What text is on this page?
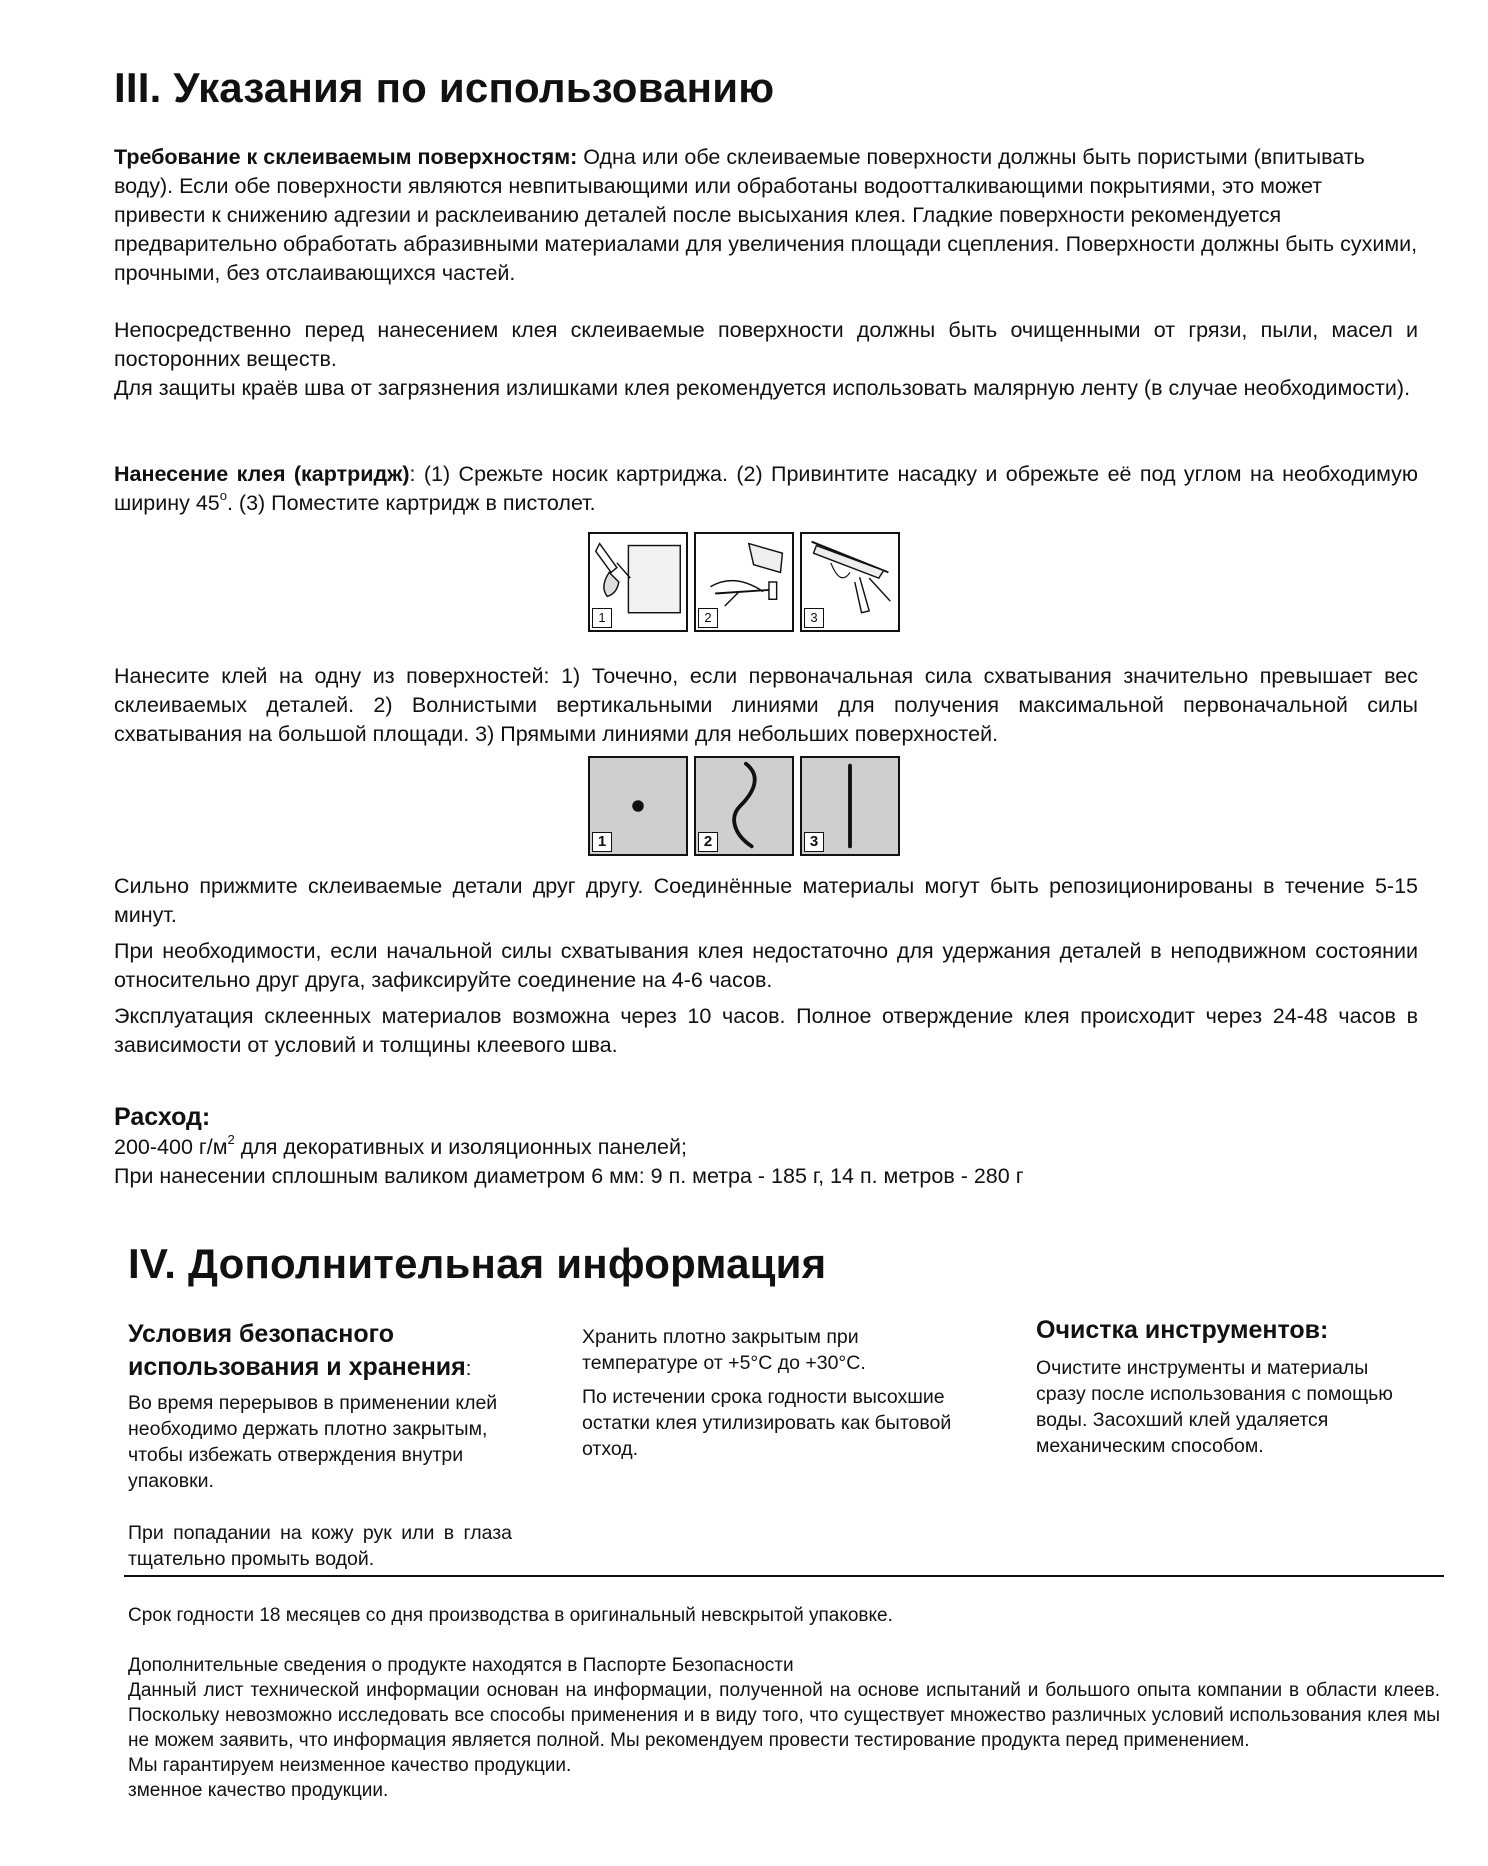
III. Указания по использованию

Требование к склеиваемым поверхностям: Одна или обе склеиваемые поверхности должны быть пористыми (впитывать воду). Если обе поверхности являются невпитывающими или обработаны водоотталкивающими покрытиями, это может привести к снижению адгезии и расклеиванию деталей после высыхания клея. Гладкие поверхности рекомендуется предварительно обработать абразивными материалами для увеличения площади сцепления. Поверхности должны быть сухими, прочными, без отслаивающихся частей.

Непосредственно перед нанесением клея склеиваемые поверхности должны быть очищенными от грязи, пыли, масел и посторонних веществ.

Для защиты краёв шва от загрязнения излишками клея рекомендуется использовать малярную ленту (в случае необходимости).

Нанесение клея (картридж): (1) Срежьте носик картриджа. (2) Привинтите насадку и обрежьте её под углом на необходимую ширину 45$^o$. (3) Поместите картридж в пистолет.

1	2	3

Нанесите клей на одну из поверхностей: 1) Точечно, если первоначальная сила схватывания значительно превышает вес склеиваемых деталей. 2) Волнистыми вертикальными линиями для получения максимальной первоначальной силы схватывания на большой площади. 3) Прямыми линиями для небольших поверхностей.

1	2	3

Сильно прижмите склеиваемые детали друг другу. Соединённые материалы могут быть репозиционированы в течение 5-15 минут.

При необходимости, если начальной силы схватывания клея недостаточно для удержания деталей в неподвижном состоянии относительно друг друга, зафиксируйте соединение на 4-6 часов.

Эксплуатация склеенных материалов возможна через 10 часов. Полное отверждение клея происходит через 24-48 часов в зависимости от условий и толщины клеевого шва.

Расход:

200-400 $г/м^2$ для декоративных и изоляционных панелей;

При нанесении сплошным валиком диаметром 6 мм: 9 п. метра - 185 г, 14 п. метров - 280 г

IV. Дополнительная информация

Условия безопасного использования и хранения:

Во время перерывов в применении клей необходимо держать плотно закрытым, чтобы избежать отверждения внутри упаковки.

При попадании на кожу рук или в глаза тщательно промыть водой.

Хранить плотно закрытым при температуре от +5°C до +30°C.

По истечении срока годности высохшие остатки клея утилизировать как бытовой отход.

Очистка инструментов:

Очистите инструменты и материалы сразу после использования с помощью воды. Засохший клей удаляется механическим способом.

Срок годности 18 месяцев со дня производства в оригинальный невскрытой упаковке.

Дополнительные сведения о продукте находятся в Паспорте Безопасности

Данный лист технической информации основан на информации, полученной на основе испытаний и большого опыта компании в области клеев. Поскольку невозможно исследовать все способы применения и в виду того, что существует множество различных условий использования клея мы не можем заявить, что информация является полной. Мы рекомендуем провести тестирование продукта перед применением.

Мы гарантируем неизменное качество продукции.

зменное качество продукции.
